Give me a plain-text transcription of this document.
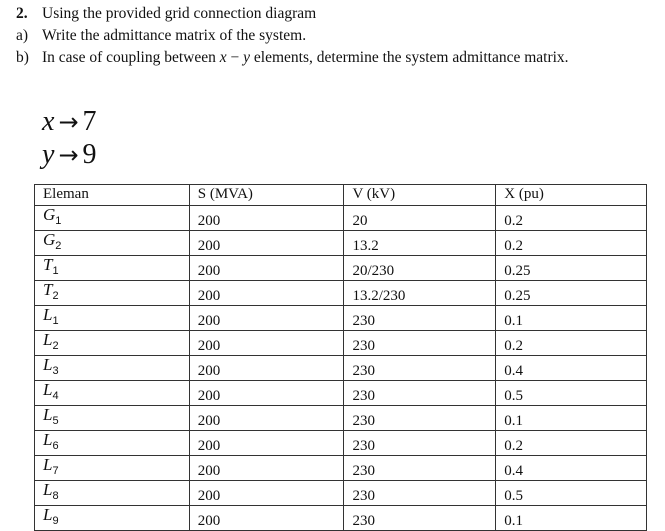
2. Using the provided grid connection diagram
a) Write the admittance matrix of the system.
b) In case of coupling between x − y elements, determine the system admittance matrix.
x → 7
y → 9
Eleman	S (MVA)	V (kV)	X (pu)
$G_1$	200	20	0.2
$G_2$	200	13.2	0.2
$T_1$	200	20/230	0.25
$T_2$	200	13.2/230	0.25
$L_1$	200	230	0.1
$L_2$	200	230	0.2
$L_3$	200	230	0.4
$L_4$	200	230	0.5
$L_5$	200	230	0.1
$L_6$	200	230	0.2
$L_7$	200	230	0.4
$L_8$	200	230	0.5
$L_9$	200	230	0.1
